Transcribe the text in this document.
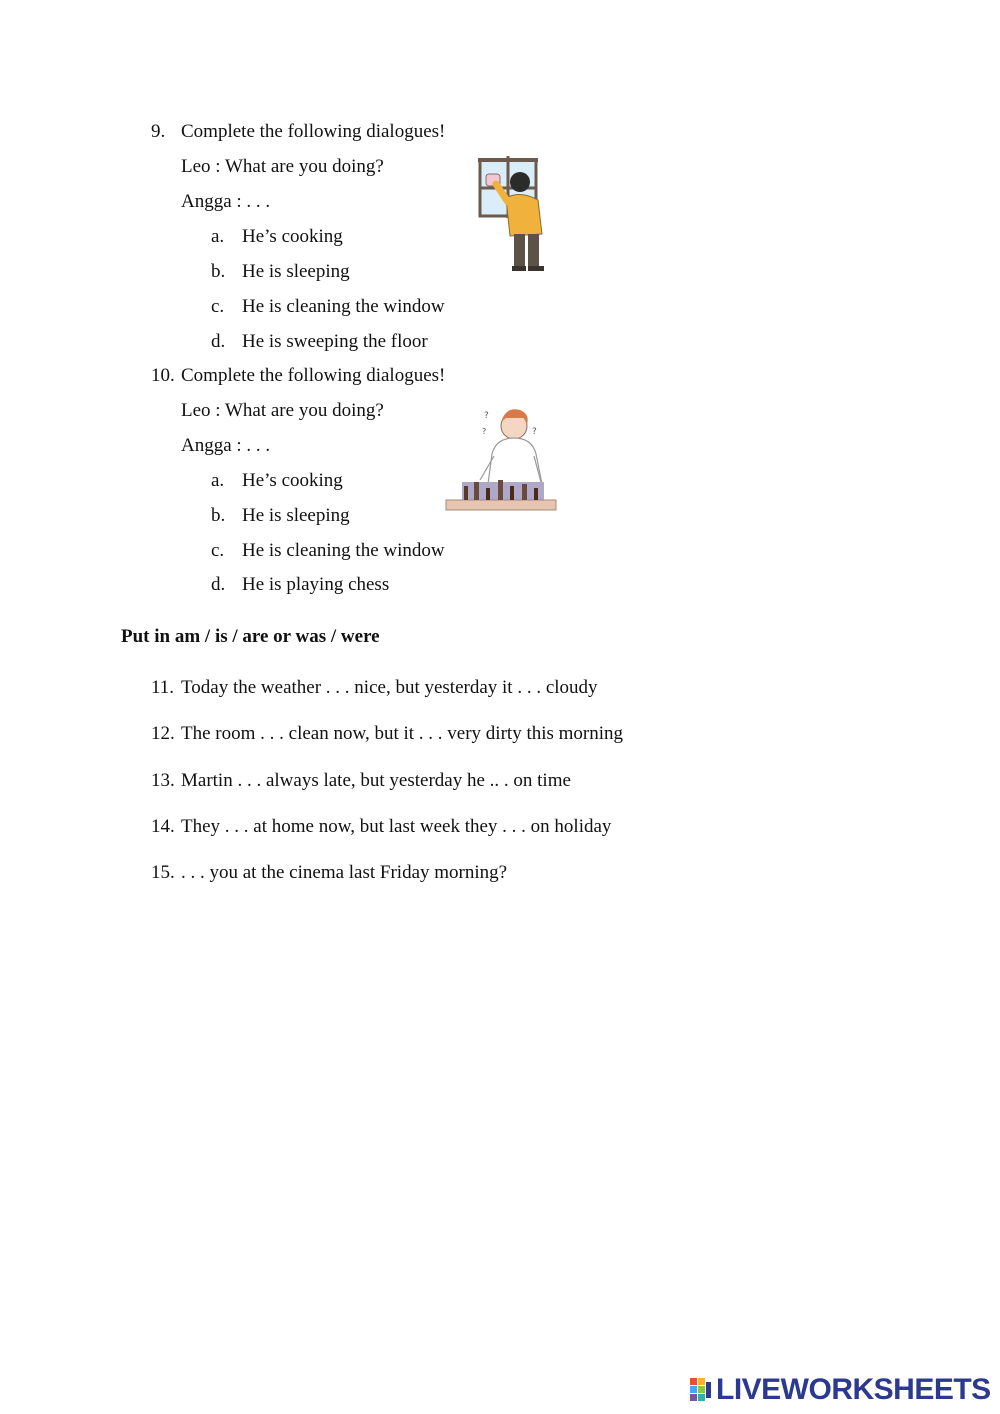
9. Complete the following dialogues!
Leo : What are you doing?
Angga : . . .
a. He’s cooking
b. He is sleeping
c. He is cleaning the window
d. He is sweeping the floor
10. Complete the following dialogues!
Leo : What are you doing?
Angga : . . .
a. He’s cooking
b. He is sleeping
c. He is cleaning the window
d. He is playing chess
?
?
?
Put in am / is / are or was / were
11. Today the weather . . . nice, but yesterday it . . . cloudy
12. The room . . . clean now, but it . . . very dirty this morning
13. Martin . . . always late, but yesterday he .. . on time
14. They . . . at home now, but last week they . . . on holiday
15. . . . you at the cinema last Friday morning?
LIVEWORKSHEETS
